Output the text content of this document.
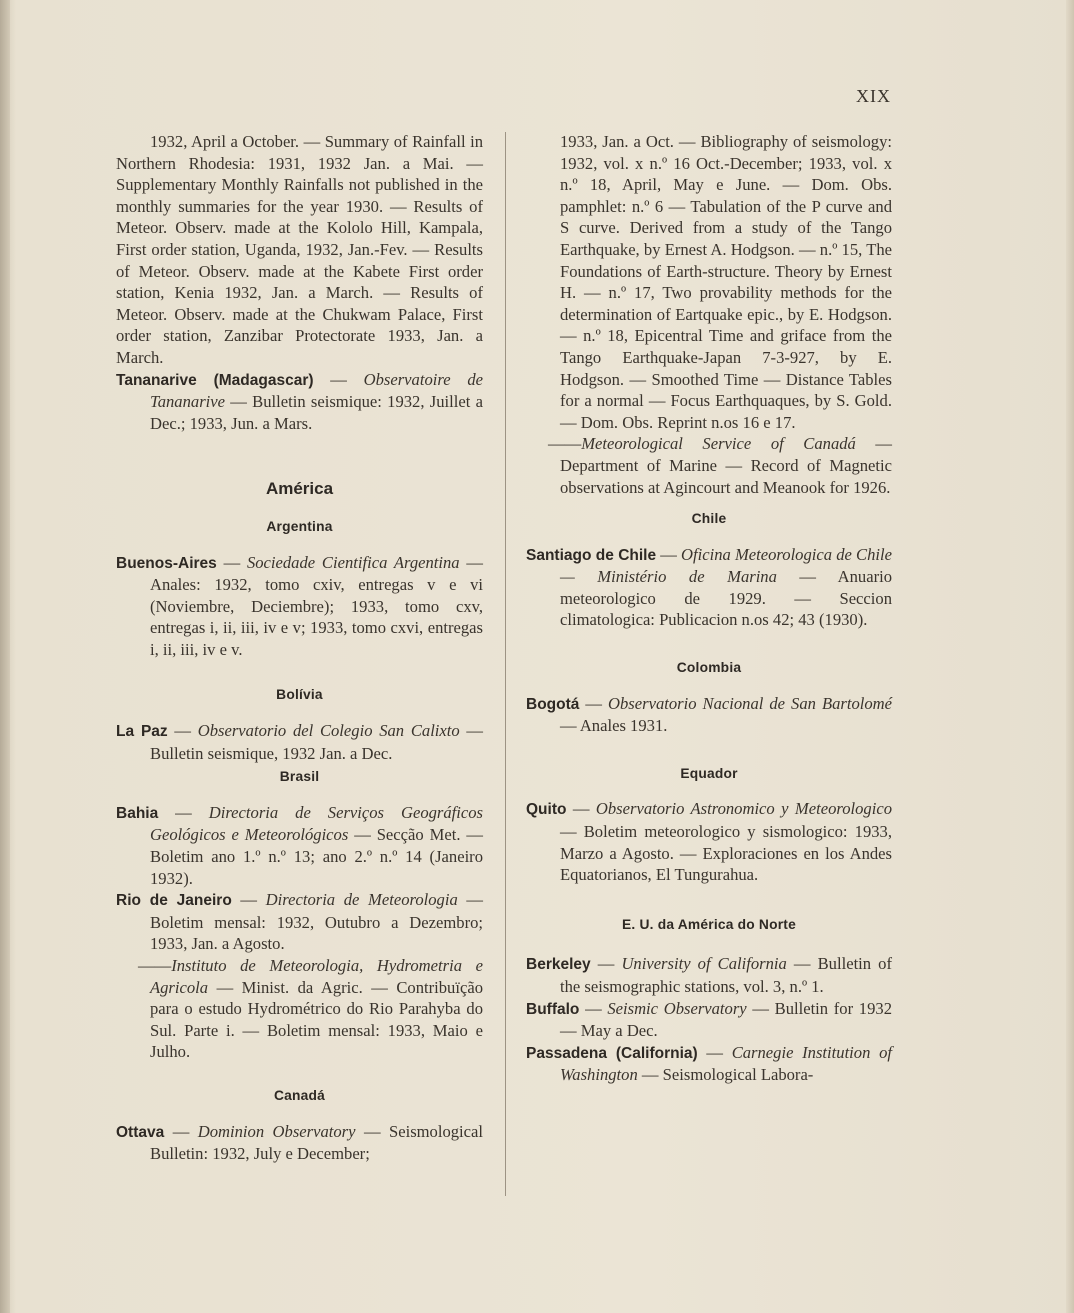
XIX

1932, April a October. — Summary of Rainfall in Northern Rhodesia: 1931, 1932 Jan. a Mai. — Supplementary Monthly Rainfalls not published in the monthly summaries for the year 1930. — Results of Meteor. Observ. made at the Kololo Hill, Kampala, First order station, Uganda, 1932, Jan.-Fev. — Results of Meteor. Observ. made at the Kabete First order station, Kenia 1932, Jan. a March. — Results of Meteor. Observ. made at the Chukwam Palace, First order station, Zanzibar Protectorate 1933, Jan. a March.

Tananarive (Madagascar) — Observatoire de Tananarive — Bulletin seismique: 1932, Juillet a Dec.; 1933, Jun. a Mars.

América
Argentina

Buenos-Aires — Sociedade Cientifica Argentina — Anales: 1932, tomo cxiv, entregas v e vi (Noviembre, Deciembre); 1933, tomo cxv, entregas i, ii, iii, iv e v; 1933, tomo cxvi, entregas i, ii, iii, iv e v.

Bolívia

La Paz — Observatorio del Colegio San Calixto — Bulletin seismique, 1932 Jan. a Dec.

Brasil

Bahia — Directoria de Serviços Geográficos Geológicos e Meteorológicos — Secção Met. — Boletim ano 1.º n.º 13; ano 2.º n.º 14 (Janeiro 1932).

Rio de Janeiro — Directoria de Meteorologia — Boletim mensal: 1932, Outubro a Dezembro; 1933, Jan. a Agosto.

——Instituto de Meteorologia, Hydrometria e Agricola — Minist. da Agric. — Contribuïção para o estudo Hydrométrico do Rio Parahyba do Sul. Parte i. — Boletim mensal: 1933, Maio e Julho.

Canadá

Ottava — Dominion Observatory — Seismological Bulletin: 1932, July e December;

1933, Jan. a Oct. — Bibliography of seismology: 1932, vol. x n.º 16 Oct.-December; 1933, vol. x n.º 18, April, May e June. — Dom. Obs. pamphlet: n.º 6 — Tabulation of the P curve and S curve. Derived from a study of the Tango Earthquake, by Ernest A. Hodgson. — n.º 15, The Foundations of Earth-structure. Theory by Ernest H. — n.º 17, Two provability methods for the determination of Eartquake epic., by E. Hodgson. — n.º 18, Epicentral Time and griface from the Tango Earthquake-Japan 7-3-927, by E. Hodgson. — Smoothed Time — Distance Tables for a normal — Focus Earthquaques, by S. Gold. — Dom. Obs. Reprint n.os 16 e 17.

——Meteorological Service of Canadá — Department of Marine — Record of Magnetic observations at Agincourt and Meanook for 1926.

Chile

Santiago de Chile — Oficina Meteorologica de Chile — Ministério de Marina — Anuario meteorologico de 1929. — Seccion climatologica: Publicacion n.os 42; 43 (1930).

Colombia

Bogotá — Observatorio Nacional de San Bartolomé — Anales 1931.

Equador

Quito — Observatorio Astronomico y Meteorologico — Boletim meteorologico y sismologico: 1933, Marzo a Agosto. — Exploraciones en los Andes Equatorianos, El Tungurahua.

E. U. da América do Norte

Berkeley — University of California — Bulletin of the seismographic stations, vol. 3, n.º 1.

Buffalo — Seismic Observatory — Bulletin for 1932 — May a Dec.

Passadena (California) — Carnegie Institution of Washington — Seismological Labora-
